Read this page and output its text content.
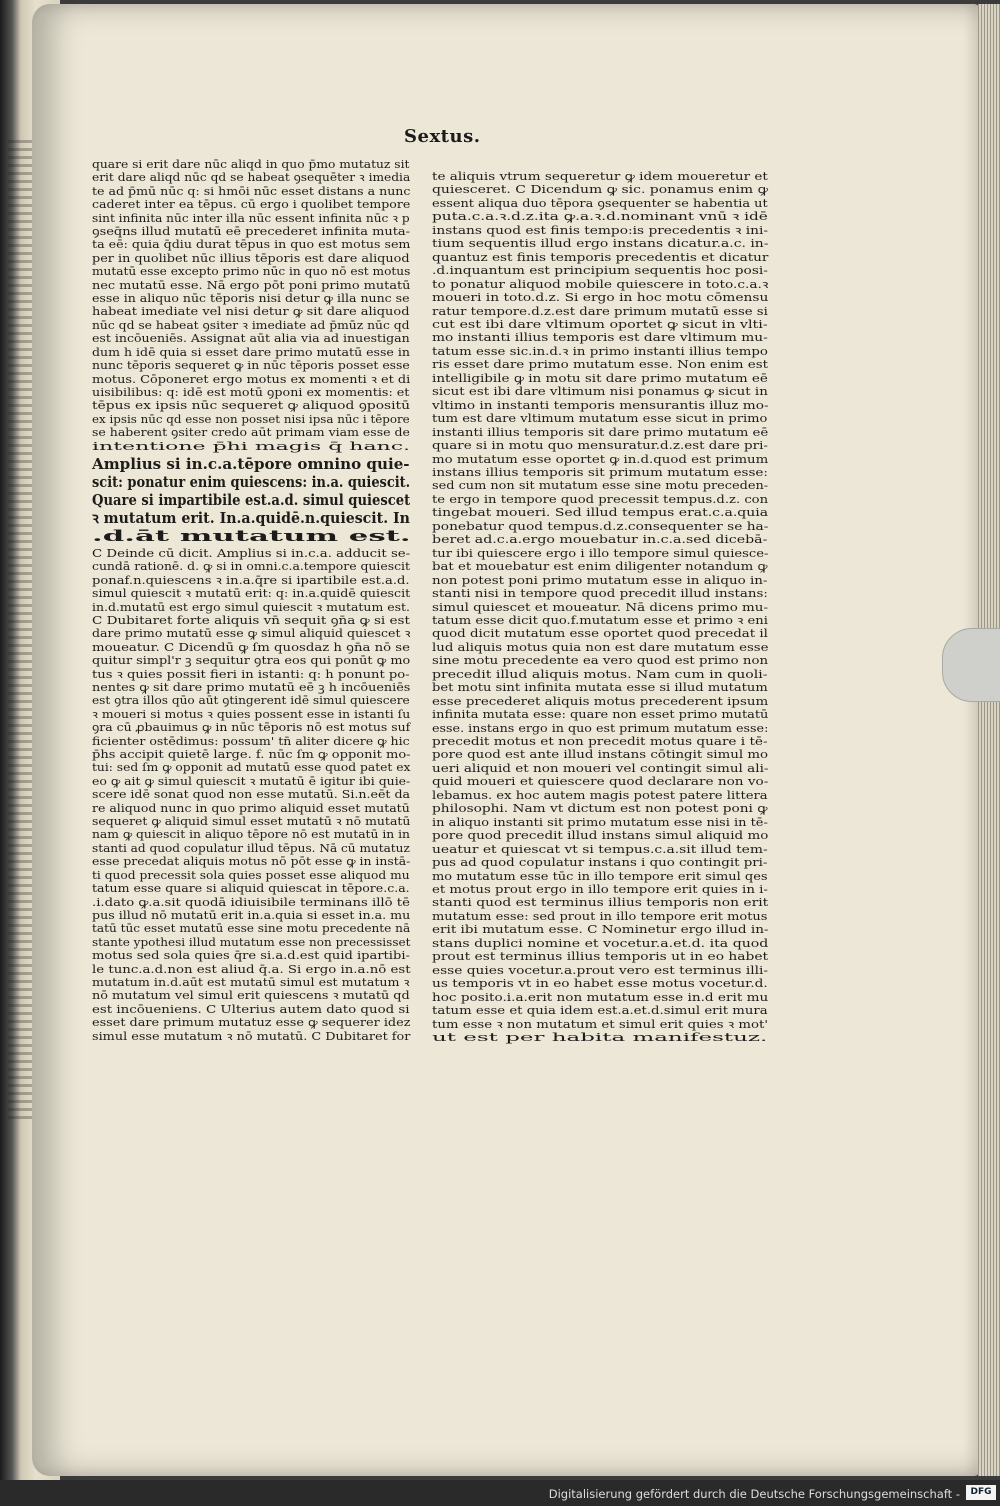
Sextus.
quare si erit dare nūc aliqd in quo p̄mo mutatuz sit
erit dare aliqd nūc qd se habeat ꝯsequēter ꝛ imedia
te ad p̄mū nūc q: si hmōi nūc esset distans a nunc
caderet inter ea tēpus. cū ergo i quolibet tempore
sint infinita nūc inter illa nūc essent infinita nūc ꝛ p
ꝯseq̄ns illud mutatū eē precederet infinita muta-
ta eē: quia q̄diu durat tēpus in quo est motus sem
per in quolibet nūc illius tēporis est dare aliquod
mutatū esse excepto primo nūc in quo nō est motus
nec mutatū esse. Nā ergo pōt poni primo mutatū
esse in aliquo nūc tēporis nisi detur ꝙ illa nunc se
habeat imediate vel nisi detur ꝙ sit dare aliquod
nūc qd se habeat ꝯsiter ꝛ imediate ad p̄mūz nūc qd
est incōueniēs. Assignat aūt alia via ad inuestigan
dum h idē quia si esset dare primo mutatū esse in
nunc tēporis sequeret ꝙ in nūc tēporis posset esse
motus. Cōponeret ergo motus ex momenti ꝛ et di
uisibilibus: q: idē est motū ꝯponi ex momentis: et
tēpus ex ipsis nūc sequeret ꝙ aliquod ꝯpositū
ex ipsis nūc qd esse non posset nisi ipsa nūc i tēpore
se haberent ꝯsiter credo aūt primam viam esse de
intentione p̄hi magis q̄ hanc.
Amplius si in.c.a.tēpore omnino quie-
scit: ponatur enim quiescens: in.a. quiescit.
Quare si impartibile est.a.d. simul quiescet
ꝛ mutatum erit. In.a.quidē.n.quiescit. In
.d.āt mutatum est.
C Deinde cū dicit. Amplius si in.c.a. adducit se-
cundā rationē. d. ꝙ si in omni.c.a.tempore quiescit
ponaf.n.quiescens ꝛ in.a.q̄re si ipartibile est.a.d.
simul quiescit ꝛ mutatū erit: q: in.a.quidē quiescit
in.d.mutatū est ergo simul quiescit ꝛ mutatum est.
C Dubitaret forte aliquis vn̄ sequit ꝯn̄a ꝙ si est
dare primo mutatū esse ꝙ simul aliquid quiescet ꝛ
moueatur. C Dicendū ꝙ ſm quosdaz h ꝯn̄a nō se
quitur simpl'r ꝫ sequitur ꝯtra eos qui ponūt ꝙ mo
tus ꝛ quies possit fieri in istanti: q: h ponunt po-
nentes ꝙ sit dare primo mutatū eē ꝫ h incōueniēs
est ꝯtra illos qūo aūt ꝯtingerent idē simul quiescere
ꝛ moueri si motus ꝛ quies possent esse in istanti ſu
ꝯra cū ꝓbauimus ꝙ in nūc tēporis nō est motus suf
ficienter ostēdimus: possum' tn̄ aliter dicere ꝙ hic
p̄hs accipit quietē large. f. nūc ſm ꝙ opponit mo-
tui: sed ſm ꝙ opponit ad mutatū esse quod patet ex
eo ꝙ ait ꝙ simul quiescit ꝛ mutatū ē igitur ibi quie-
scere idē sonat quod non esse mutatū. Si.n.eēt da
re aliquod nunc in quo primo aliquid esset mutatū
sequeret ꝙ aliquid simul esset mutatū ꝛ nō mutatū
nam ꝙ quiescit in aliquo tēpore nō est mutatū in in
stanti ad quod copulatur illud tēpus. Nā cū mutatuz
esse precedat aliquis motus nō pōt esse ꝙ in instā-
ti quod precessit sola quies posset esse aliquod mu
tatum esse quare si aliquid quiescat in tēpore.c.a.
.i.dato ꝙ.a.sit quodā idiuisibile terminans illō tē
pus illud nō mutatū erit in.a.quia si esset in.a. mu
tatū tūc esset mutatū esse sine motu precedente nā
stante ypothesi illud mutatum esse non precessisset
motus sed sola quies q̄re si.a.d.est quid ipartibi-
le tunc.a.d.non est aliud q̄.a. Si ergo in.a.nō est
mutatum in.d.aūt est mutatū simul est mutatum ꝛ
nō mutatum vel simul erit quiescens ꝛ mutatū qd
est incōueniens. C Ulterius autem dato quod si
esset dare primum mutatuz esse ꝙ sequerer idez
simul esse mutatum ꝛ nō mutatū. C Dubitaret for
te aliquis vtrum sequeretur ꝙ idem moueretur et
quiesceret. C Dicendum ꝙ sic. ponamus enim ꝙ
essent aliqua duo tēpora ꝯsequenter se habentia ut
puta.c.a.ꝛ.d.z.ita ꝙ.a.ꝛ.d.nominant vnū ꝛ idē
instans quod est finis tempo:is precedentis ꝛ ini-
tium sequentis illud ergo instans dicatur.a.c. in-
quantuz est finis temporis precedentis et dicatur
.d.inquantum est principium sequentis hoc posi-
to ponatur aliquod mobile quiescere in toto.c.a.ꝛ
moueri in toto.d.z. Si ergo in hoc motu cōmensu
ratur tempore.d.z.est dare primum mutatū esse si
cut est ibi dare vltimum oportet ꝙ sicut in vlti-
mo instanti illius temporis est dare vltimum mu-
tatum esse sic.in.d.ꝛ in primo instanti illius tempo
ris esset dare primo mutatum esse. Non enim est
intelligibile ꝙ in motu sit dare primo mutatum eē
sicut est ibi dare vltimum nisi ponamus ꝙ sicut in
vltimo in instanti temporis mensurantis illuz mo-
tum est dare vltimum mutatum esse sicut in primo
instanti illius temporis sit dare primo mutatum eē
quare si in motu quo mensuratur.d.z.est dare pri-
mo mutatum esse oportet ꝙ in.d.quod est primum
instans illius temporis sit primum mutatum esse:
sed cum non sit mutatum esse sine motu preceden-
te ergo in tempore quod precessit tempus.d.z. con
tingebat moueri. Sed illud tempus erat.c.a.quia
ponebatur quod tempus.d.z.consequenter se ha-
beret ad.c.a.ergo mouebatur in.c.a.sed dicebā-
tur ibi quiescere ergo i illo tempore simul quiesce-
bat et mouebatur est enim diligenter notandum ꝙ
non potest poni primo mutatum esse in aliquo in-
stanti nisi in tempore quod precedit illud instans:
simul quiescet et moueatur. Nā dicens primo mu-
tatum esse dicit quo.f.mutatum esse et primo ꝛ eni
quod dicit mutatum esse oportet quod precedat il
lud aliquis motus quia non est dare mutatum esse
sine motu precedente ea vero quod est primo non
precedit illud aliquis motus. Nam cum in quoli-
bet motu sint infinita mutata esse si illud mutatum
esse precederet aliquis motus precederent ipsum
infinita mutata esse: quare non esset primo mutatū
esse. instans ergo in quo est primum mutatum esse:
precedit motus et non precedit motus quare i tē-
pore quod est ante illud instans cōtingit simul mo
ueri aliquid et non moueri vel contingit simul ali-
quid moueri et quiescere quod declarare non vo-
lebamus. ex hoc autem magis potest patere littera
philosophi. Nam vt dictum est non potest poni ꝙ
in aliquo instanti sit primo mutatum esse nisi in tē-
pore quod precedit illud instans simul aliquid mo
ueatur et quiescat vt si tempus.c.a.sit illud tem-
pus ad quod copulatur instans i quo contingit pri-
mo mutatum esse tūc in illo tempore erit simul qes
et motus prout ergo in illo tempore erit quies in i-
stanti quod est terminus illius temporis non erit
mutatum esse: sed prout in illo tempore erit motus
erit ibi mutatum esse. C Nominetur ergo illud in-
stans duplici nomine et vocetur.a.et.d. ita quod
prout est terminus illius temporis ut in eo habet
esse quies vocetur.a.prout vero est terminus illi-
us temporis vt in eo habet esse motus vocetur.d.
hoc posito.i.a.erit non mutatum esse in.d erit mu
tatum esse et quia idem est.a.et.d.simul erit mura
tum esse ꝛ non mutatum et simul erit quies ꝛ mot'
ut est per habita manifestuz.
Digitalisierung gefördert durch die Deutsche Forschungsgemeinschaft -	DFG
